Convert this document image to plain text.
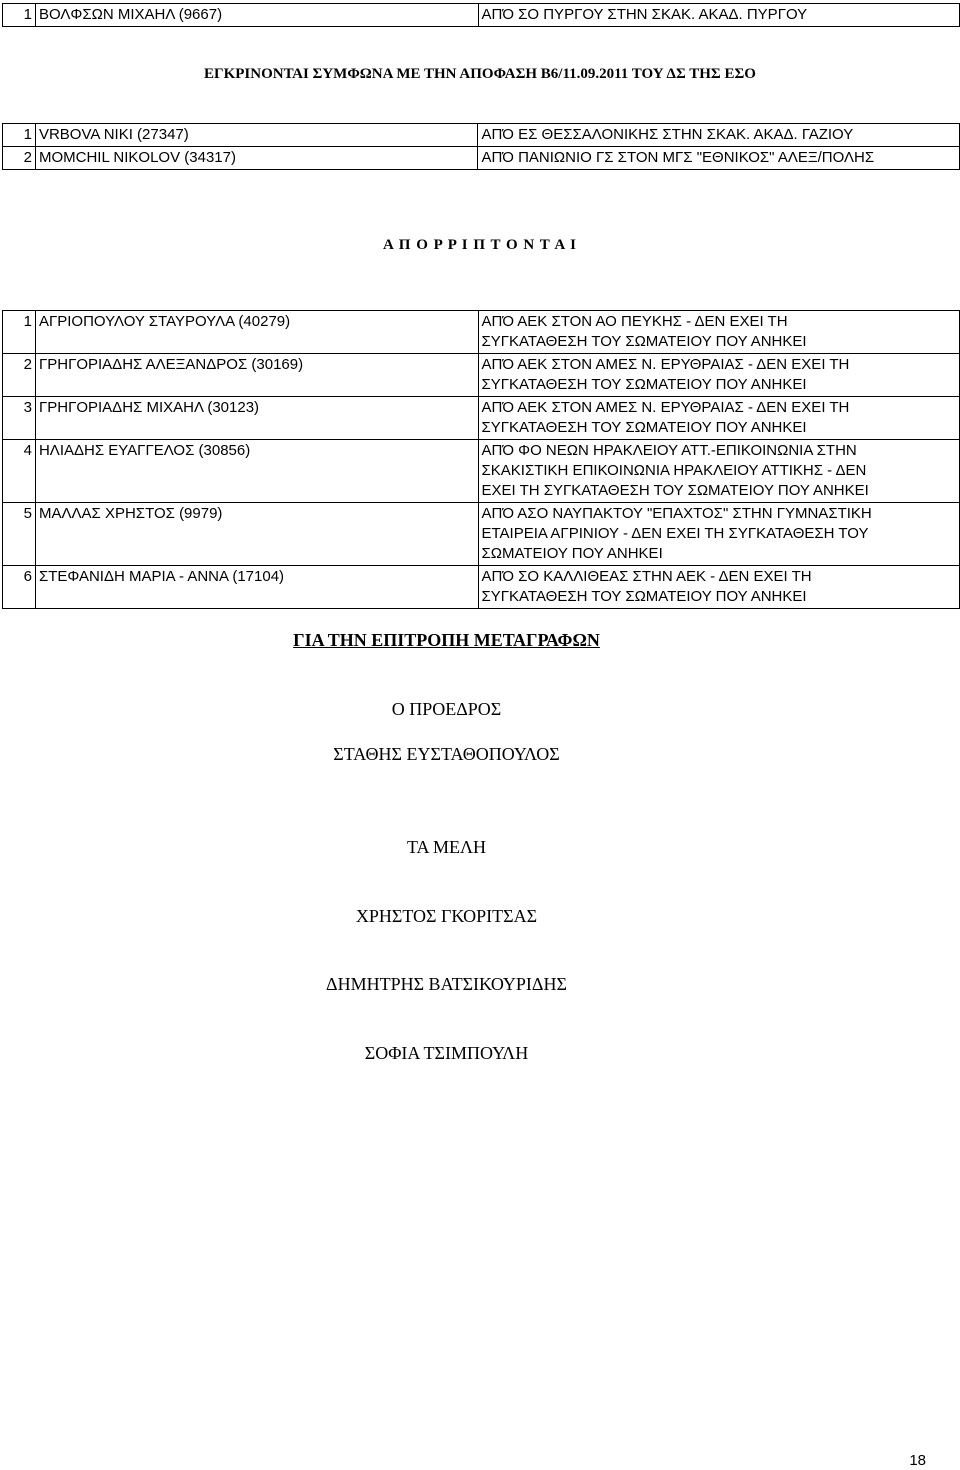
1	ΒΟΛΦΣΩΝ ΜΙΧΑΗΛ (9667)	ΑΠΌ ΣΟ ΠΥΡΓΟΥ ΣΤΗΝ ΣΚΑΚ. ΑΚΑΔ. ΠΥΡΓΟΥ
ΕΓΚΡΙΝΟΝΤΑΙ ΣΥΜΦΩΝΑ ΜΕ ΤΗΝ ΑΠΟΦΑΣΗ Β6/11.09.2011 ΤΟΥ ΔΣ ΤΗΣ ΕΣΟ
1	VRBOVA NIKI (27347)	ΑΠΌ ΕΣ ΘΕΣΣΑΛΟΝΙΚΗΣ ΣΤΗΝ ΣΚΑΚ. ΑΚΑΔ. ΓΑΖΙΟΥ
2	MOMCHIL NIKOLOV (34317)	ΑΠΌ ΠΑΝΙΩΝΙΟ ΓΣ ΣΤΟΝ ΜΓΣ "ΕΘΝΙΚΟΣ" ΑΛΕΞ/ΠΟΛΗΣ
Α Π Ο Ρ Ρ Ι Π Τ Ο Ν Τ Α Ι
1	ΑΓΡΙΟΠΟΥΛΟΥ ΣΤΑΥΡΟΥΛΑ (40279)	ΑΠΌ ΑΕΚ ΣΤΟΝ ΑΟ ΠΕΥΚΗΣ - ΔΕΝ ΕΧΕΙ ΤΗ
ΣΥΓΚΑΤΑΘΕΣΗ ΤΟΥ ΣΩΜΑΤΕΙΟΥ ΠΟΥ ΑΝΗΚΕΙ

2	ΓΡΗΓΟΡΙΑΔΗΣ ΑΛΕΞΑΝΔΡΟΣ (30169)	ΑΠΌ ΑΕΚ ΣΤΟΝ ΑΜΕΣ Ν. ΕΡΥΘΡΑΙΑΣ - ΔΕΝ ΕΧΕΙ ΤΗ
ΣΥΓΚΑΤΑΘΕΣΗ ΤΟΥ ΣΩΜΑΤΕΙΟΥ ΠΟΥ ΑΝΗΚΕΙ

3	ΓΡΗΓΟΡΙΑΔΗΣ ΜΙΧΑΗΛ (30123)	ΑΠΌ ΑΕΚ ΣΤΟΝ ΑΜΕΣ Ν. ΕΡΥΘΡΑΙΑΣ - ΔΕΝ ΕΧΕΙ ΤΗ
ΣΥΓΚΑΤΑΘΕΣΗ ΤΟΥ ΣΩΜΑΤΕΙΟΥ ΠΟΥ ΑΝΗΚΕΙ

4	ΗΛΙΑΔΗΣ ΕΥΑΓΓΕΛΟΣ (30856)	ΑΠΌ ΦΟ ΝΕΩΝ ΗΡΑΚΛΕΙΟΥ ΑΤΤ.-ΕΠΙΚΟΙΝΩΝΙΑ ΣΤΗΝ
ΣΚΑΚΙΣΤΙΚΗ ΕΠΙΚΟΙΝΩΝΙΑ ΗΡΑΚΛΕΙΟΥ ΑΤΤΙΚΗΣ - ΔΕΝ
ΕΧΕΙ ΤΗ ΣΥΓΚΑΤΑΘΕΣΗ ΤΟΥ ΣΩΜΑΤΕΙΟΥ ΠΟΥ ΑΝΗΚΕΙ

5	ΜΑΛΛΑΣ ΧΡΗΣΤΟΣ (9979)	ΑΠΌ ΑΣΟ ΝΑΥΠΑΚΤΟΥ "ΕΠΑΧΤΟΣ" ΣΤΗΝ ΓΥΜΝΑΣΤΙΚΗ
ΕΤΑΙΡΕΙΑ ΑΓΡΙΝΙΟΥ - ΔΕΝ ΕΧΕΙ ΤΗ ΣΥΓΚΑΤΑΘΕΣΗ ΤΟΥ
ΣΩΜΑΤΕΙΟΥ ΠΟΥ ΑΝΗΚΕΙ

6	ΣΤΕΦΑΝΙΔΗ ΜΑΡΙΑ - ΑΝΝΑ (17104)	ΑΠΌ ΣΟ ΚΑΛΛΙΘΕΑΣ ΣΤΗΝ ΑΕΚ - ΔΕΝ ΕΧΕΙ ΤΗ
ΣΥΓΚΑΤΑΘΕΣΗ ΤΟΥ ΣΩΜΑΤΕΙΟΥ ΠΟΥ ΑΝΗΚΕΙ
ΓΙΑ ΤΗΝ ΕΠΙΤΡΟΠΗ ΜΕΤΑΓΡΑΦΩΝ
Ο ΠΡΟΕΔΡΟΣ
ΣΤΑΘΗΣ ΕΥΣΤΑΘΟΠΟΥΛΟΣ
ΤΑ ΜΕΛΗ
ΧΡΗΣΤΟΣ ΓΚΟΡΙΤΣΑΣ
ΔΗΜΗΤΡΗΣ ΒΑΤΣΙΚΟΥΡΙΔΗΣ
ΣΟΦΙΑ ΤΣΙΜΠΟΥΛΗ
18
